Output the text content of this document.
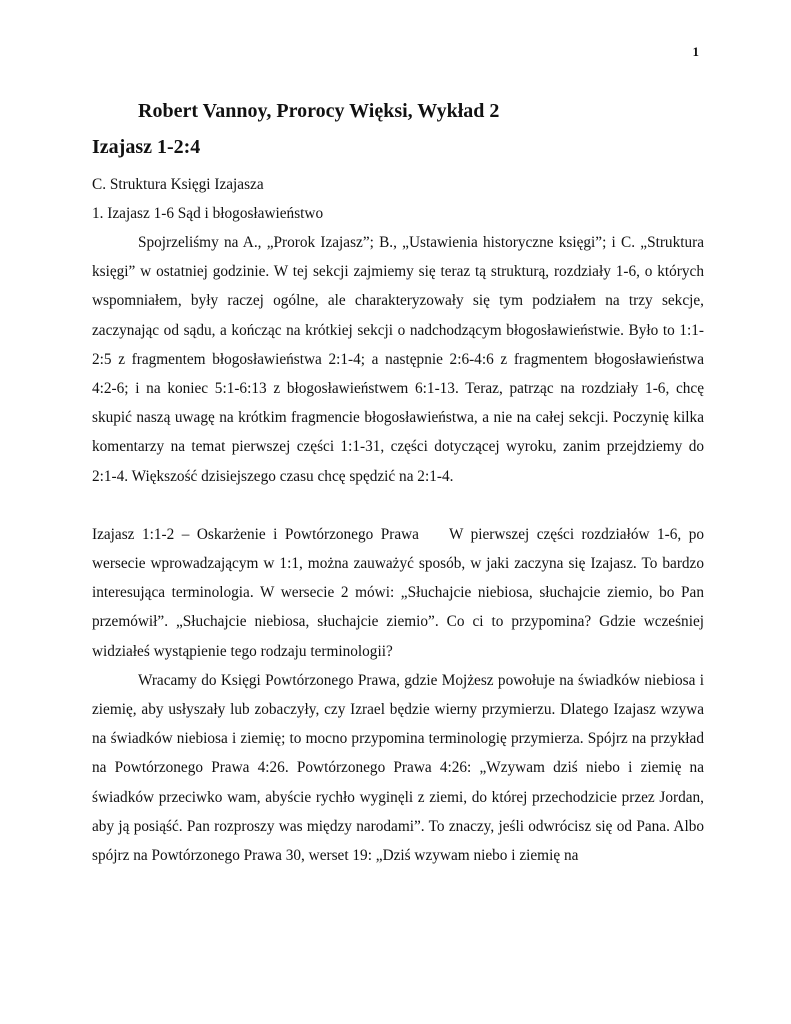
1
Robert Vannoy, Prorocy Więksi, Wykład 2
Izajasz 1-2:4

C. Struktura Księgi Izajasza

1. Izajasz 1-6 Sąd i błogosławieństwo

Spojrzeliśmy na A., „Prorok Izajasz”; B., „Ustawienia historyczne księgi”; i C. „Struktura księgi” w ostatniej godzinie. W tej sekcji zajmiemy się teraz tą strukturą, rozdziały 1-6, o których wspomniałem, były raczej ogólne, ale charakteryzowały się tym podziałem na trzy sekcje, zaczynając od sądu, a kończąc na krótkiej sekcji o nadchodzącym błogosławieństwie. Było to 1:1-2:5 z fragmentem błogosławieństwa 2:1-4; a następnie 2:6-4:6 z fragmentem błogosławieństwa 4:2-6; i na koniec 5:1-6:13 z błogosławieństwem 6:1-13. Teraz, patrząc na rozdziały 1-6, chcę skupić naszą uwagę na krótkim fragmencie błogosławieństwa, a nie na całej sekcji. Poczynię kilka komentarzy na temat pierwszej części 1:1-31, części dotyczącej wyroku, zanim przejdziemy do 2:1-4. Większość dzisiejszego czasu chcę spędzić na 2:1-4.

Izajasz 1:1-2 – Oskarżenie i Powtórzonego Prawa W pierwszej części rozdziałów 1-6, po wersecie wprowadzającym w 1:1, można zauważyć sposób, w jaki zaczyna się Izajasz. To bardzo interesująca terminologia. W wersecie 2 mówi: „Słuchajcie niebiosa, słuchajcie ziemio, bo Pan przemówił”. „Słuchajcie niebiosa, słuchajcie ziemio”. Co ci to przypomina? Gdzie wcześniej widziałeś wystąpienie tego rodzaju terminologii?

Wracamy do Księgi Powtórzonego Prawa, gdzie Mojżesz powołuje na świadków niebiosa i ziemię, aby usłyszały lub zobaczyły, czy Izrael będzie wierny przymierzu. Dlatego Izajasz wzywa na świadków niebiosa i ziemię; to mocno przypomina terminologię przymierza. Spójrz na przykład na Powtórzonego Prawa 4:26. Powtórzonego Prawa 4:26: „Wzywam dziś niebo i ziemię na świadków przeciwko wam, abyście rychło wyginęli z ziemi, do której przechodzicie przez Jordan, aby ją posiąść. Pan rozproszy was między narodami”. To znaczy, jeśli odwrócisz się od Pana. Albo spójrz na Powtórzonego Prawa 30, werset 19: „Dziś wzywam niebo i ziemię na
